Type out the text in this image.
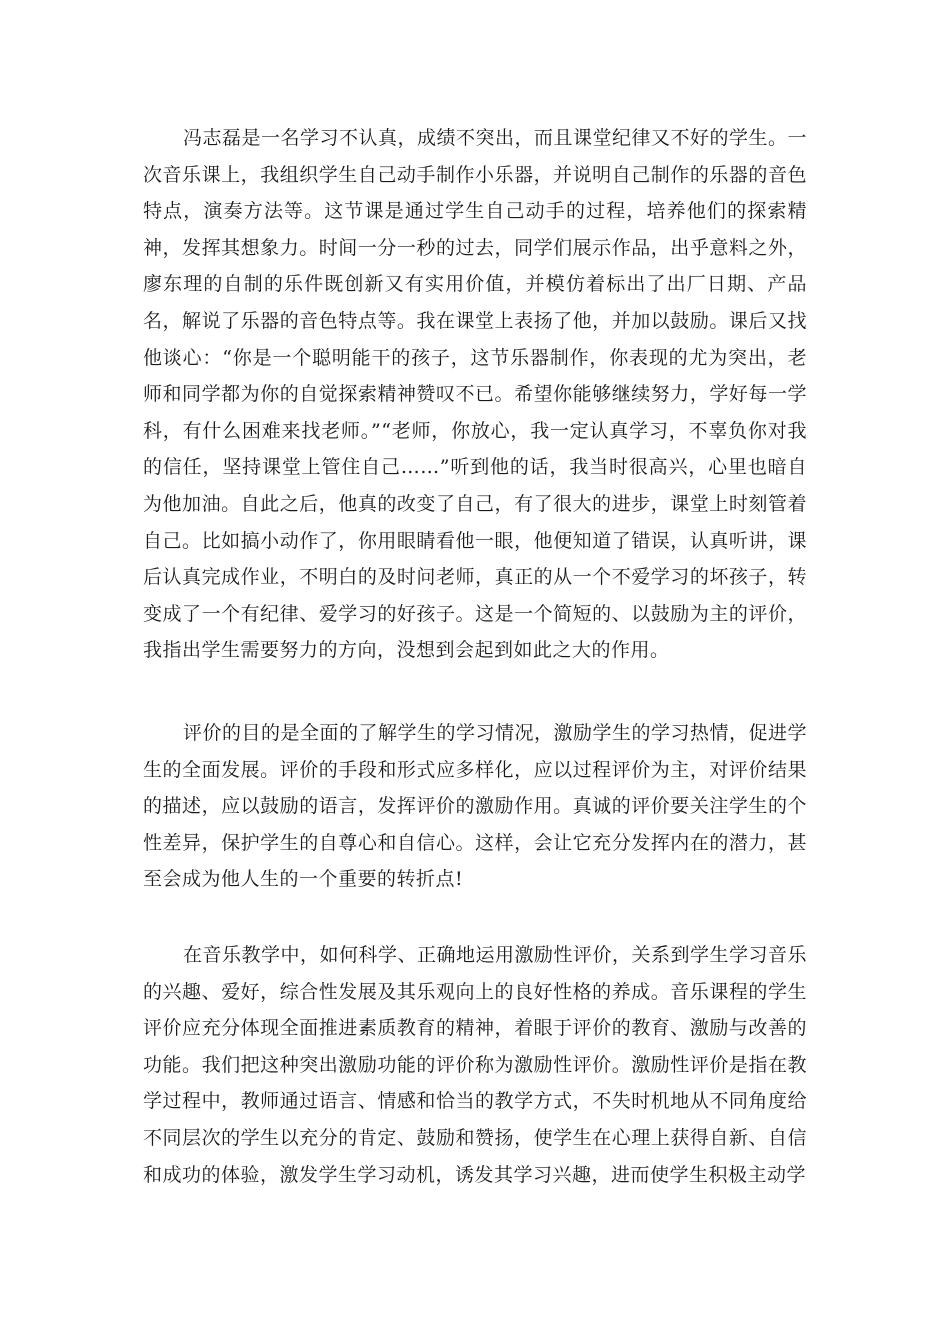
冯志磊是一名学习不认真，成绩不突出，而且课堂纪律又不好的学生。一次音乐课上，我组织学生自己动手制作小乐器，并说明自己制作的乐器的音色特点，演奏方法等。这节课是通过学生自己动手的过程，培养他们的探索精神，发挥其想象力。时间一分一秒的过去，同学们展示作品，出乎意料之外，廖东理的自制的乐件既创新又有实用价值，并模仿着标出了出厂日期、产品名，解说了乐器的音色特点等。我在课堂上表扬了他，并加以鼓励。课后又找他谈心：“你是一个聪明能干的孩子，这节乐器制作，你表现的尤为突出，老师和同学都为你的自觉探索精神赞叹不已。希望你能够继续努力，学好每一学科，有什么困难来找老师。”“老师，你放心，我一定认真学习，不辜负你对我的信任，坚持课堂上管住自己……”听到他的话，我当时很高兴，心里也暗自为他加油。自此之后，他真的改变了自己，有了很大的进步，课堂上时刻管着自己。比如搞小动作了，你用眼睛看他一眼，他便知道了错误，认真听讲，课后认真完成作业，不明白的及时问老师，真正的从一个不爱学习的坏孩子，转变成了一个有纪律、爱学习的好孩子。这是一个简短的、以鼓励为主的评价，我指出学生需要努力的方向，没想到会起到如此之大的作用。

评价的目的是全面的了解学生的学习情况，激励学生的学习热情，促进学生的全面发展。评价的手段和形式应多样化，应以过程评价为主，对评价结果的描述，应以鼓励的语言，发挥评价的激励作用。真诚的评价要关注学生的个性差异，保护学生的自尊心和自信心。这样，会让它充分发挥内在的潜力，甚至会成为他人生的一个重要的转折点!

在音乐教学中，如何科学、正确地运用激励性评价，关系到学生学习音乐的兴趣、爱好，综合性发展及其乐观向上的良好性格的养成。音乐课程的学生评价应充分体现全面推进素质教育的精神，着眼于评价的教育、激励与改善的功能。我们把这种突出激励功能的评价称为激励性评价。激励性评价是指在教学过程中，教师通过语言、情感和恰当的教学方式，不失时机地从不同角度给不同层次的学生以充分的肯定、鼓励和赞扬，使学生在心理上获得自新、自信和成功的体验，激发学生学习动机，诱发其学习兴趣，进而使学生积极主动学
